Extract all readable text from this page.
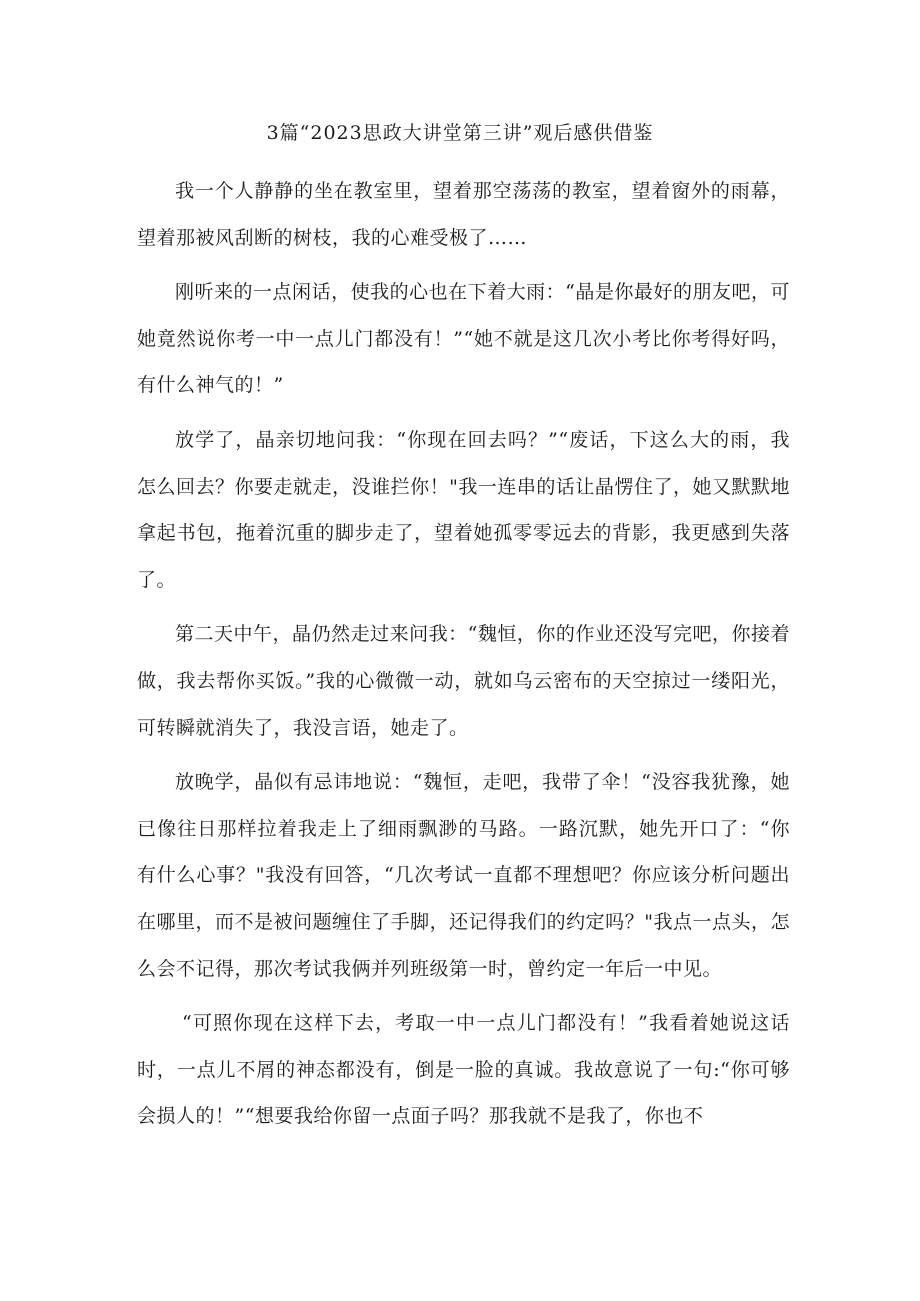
3篇“2023思政大讲堂第三讲”观后感供借鉴

我一个人静静的坐在教室里，望着那空荡荡的教室，望着窗外的雨幕，望着那被风刮断的树枝，我的心难受极了……

刚听来的一点闲话，使我的心也在下着大雨：“晶是你最好的朋友吧，可她竟然说你考一中一点儿门都没有！”“她不就是这几次小考比你考得好吗，有什么神气的！”

放学了，晶亲切地问我：“你现在回去吗？”“废话，下这么大的雨，我怎么回去？你要走就走，没谁拦你！"我一连串的话让晶愣住了，她又默默地拿起书包，拖着沉重的脚步走了，望着她孤零零远去的背影，我更感到失落了。

第二天中午，晶仍然走过来问我：“魏恒，你的作业还没写完吧，你接着做，我去帮你买饭。”我的心微微一动，就如乌云密布的天空掠过一缕阳光，可转瞬就消失了，我没言语，她走了。

放晚学，晶似有忌讳地说：“魏恒，走吧，我带了伞！“没容我犹豫，她已像往日那样拉着我走上了细雨飘渺的马路。一路沉默，她先开口了：“你有什么心事？"我没有回答，“几次考试一直都不理想吧？你应该分析问题出在哪里，而不是被问题缠住了手脚，还记得我们的约定吗？"我点一点头，怎么会不记得，那次考试我俩并列班级第一时，曾约定一年后一中见。

“可照你现在这样下去，考取一中一点儿门都没有！”我看着她说这话时，一点儿不屑的神态都没有，倒是一脸的真诚。我故意说了一句:“你可够会损人的！”“想要我给你留一点面子吗？那我就不是我了，你也不
